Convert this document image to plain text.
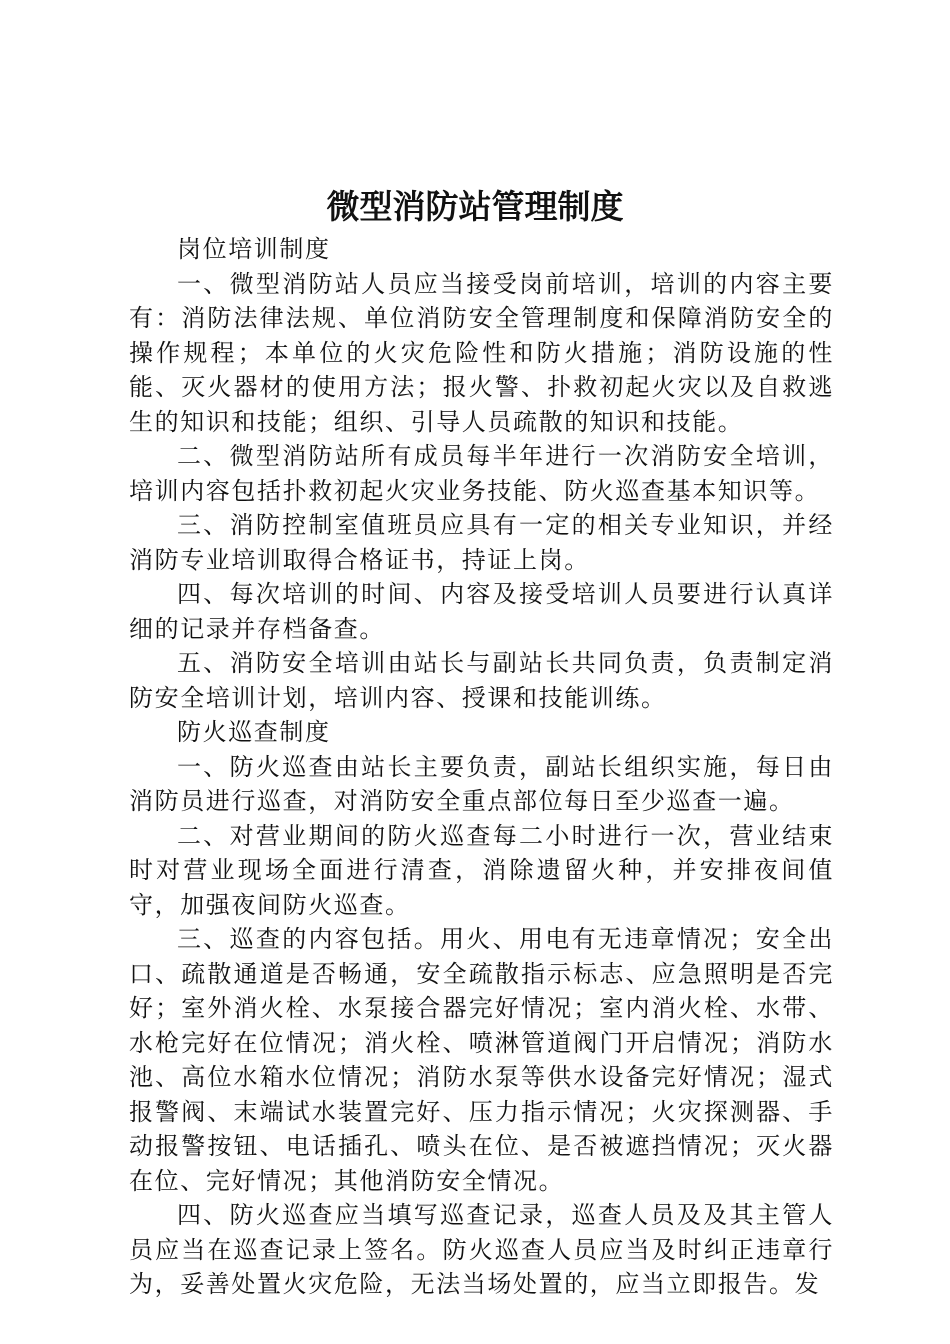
微型消防站管理制度

岗位培训制度

一、微型消防站人员应当接受岗前培训，培训的内容主要有：消防法律法规、单位消防安全管理制度和保障消防安全的操作规程；本单位的火灾危险性和防火措施；消防设施的性能、灭火器材的使用方法；报火警、扑救初起火灾以及自救逃生的知识和技能；组织、引导人员疏散的知识和技能。

二、微型消防站所有成员每半年进行一次消防安全培训，培训内容包括扑救初起火灾业务技能、防火巡查基本知识等。

三、消防控制室值班员应具有一定的相关专业知识，并经消防专业培训取得合格证书，持证上岗。

四、每次培训的时间、内容及接受培训人员要进行认真详细的记录并存档备查。

五、消防安全培训由站长与副站长共同负责，负责制定消防安全培训计划，培训内容、授课和技能训练。

防火巡查制度

一、防火巡查由站长主要负责，副站长组织实施，每日由消防员进行巡查，对消防安全重点部位每日至少巡查一遍。

二、对营业期间的防火巡查每二小时进行一次，营业结束时对营业现场全面进行清查，消除遗留火种，并安排夜间值守，加强夜间防火巡查。

三、巡查的内容包括。用火、用电有无违章情况；安全出口、疏散通道是否畅通，安全疏散指示标志、应急照明是否完好；室外消火栓、水泵接合器完好情况；室内消火栓、水带、水枪完好在位情况；消火栓、喷淋管道阀门开启情况；消防水池、高位水箱水位情况；消防水泵等供水设备完好情况；湿式报警阀、末端试水装置完好、压力指示情况；火灾探测器、手动报警按钮、电话插孔、喷头在位、是否被遮挡情况；灭火器在位、完好情况；其他消防安全情况。

四、防火巡查应当填写巡查记录，巡查人员及及其主管人员应当在巡查记录上签名。防火巡查人员应当及时纠正违章行为，妥善处置火灾危险，无法当场处置的，应当立即报告。发
